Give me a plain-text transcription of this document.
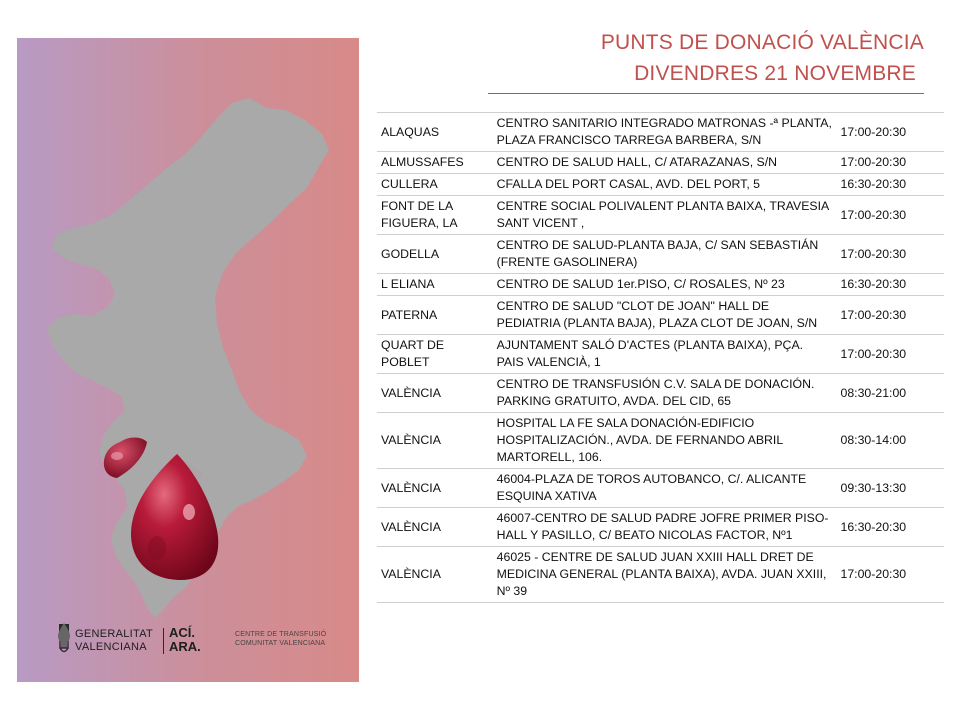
GENERALITAT
VALENCIANA
ACÍ.
ARA.
CENTRE DE TRANSFUSIÓ
COMUNITAT VALENCIANA
PUNTS DE DONACIÓ VALÈNCIA
DIVENDRES 21 NOVEMBRE
ALAQUAS	CENTRO SANITARIO INTEGRADO MATRONAS -ª PLANTA, PLAZA FRANCISCO TARREGA BARBERA, S/N	17:00-20:30
ALMUSSAFES	CENTRO DE SALUD HALL, C/ ATARAZANAS, S/N	17:00-20:30
CULLERA	CFALLA DEL PORT CASAL, AVD. DEL PORT, 5	16:30-20:30
FONT DE LA FIGUERA, LA	CENTRE SOCIAL POLIVALENT PLANTA BAIXA, TRAVESIA SANT VICENT ,	17:00-20:30
GODELLA	CENTRO DE SALUD-PLANTA BAJA, C/ SAN SEBASTIÁN (FRENTE GASOLINERA)	17:00-20:30
L ELIANA	CENTRO DE SALUD 1er.PISO, C/ ROSALES, Nº 23	16:30-20:30
PATERNA	CENTRO DE SALUD "CLOT DE JOAN" HALL DE PEDIATRIA (PLANTA BAJA), PLAZA CLOT DE JOAN, S/N	17:00-20:30
QUART DE POBLET	AJUNTAMENT SALÓ D'ACTES (PLANTA BAIXA), PÇA. PAIS VALENCIÀ, 1	17:00-20:30
VALÈNCIA	CENTRO DE TRANSFUSIÓN C.V. SALA DE DONACIÓN. PARKING GRATUITO, AVDA. DEL CID, 65	08:30-21:00
VALÈNCIA	HOSPITAL LA FE SALA DONACIÓN-EDIFICIO HOSPITALIZACIÓN., AVDA. DE FERNANDO ABRIL MARTORELL, 106.	08:30-14:00
VALÈNCIA	46004-PLAZA DE TOROS AUTOBANCO, C/. ALICANTE ESQUINA XATIVA	09:30-13:30
VALÈNCIA	46007-CENTRO DE SALUD PADRE JOFRE PRIMER PISO- HALL Y PASILLO, C/ BEATO NICOLAS FACTOR, Nº1	16:30-20:30
VALÈNCIA	46025 - CENTRE DE SALUD JUAN XXIII HALL DRET DE MEDICINA GENERAL (PLANTA BAIXA), AVDA. JUAN XXIII, Nº 39	17:00-20:30
